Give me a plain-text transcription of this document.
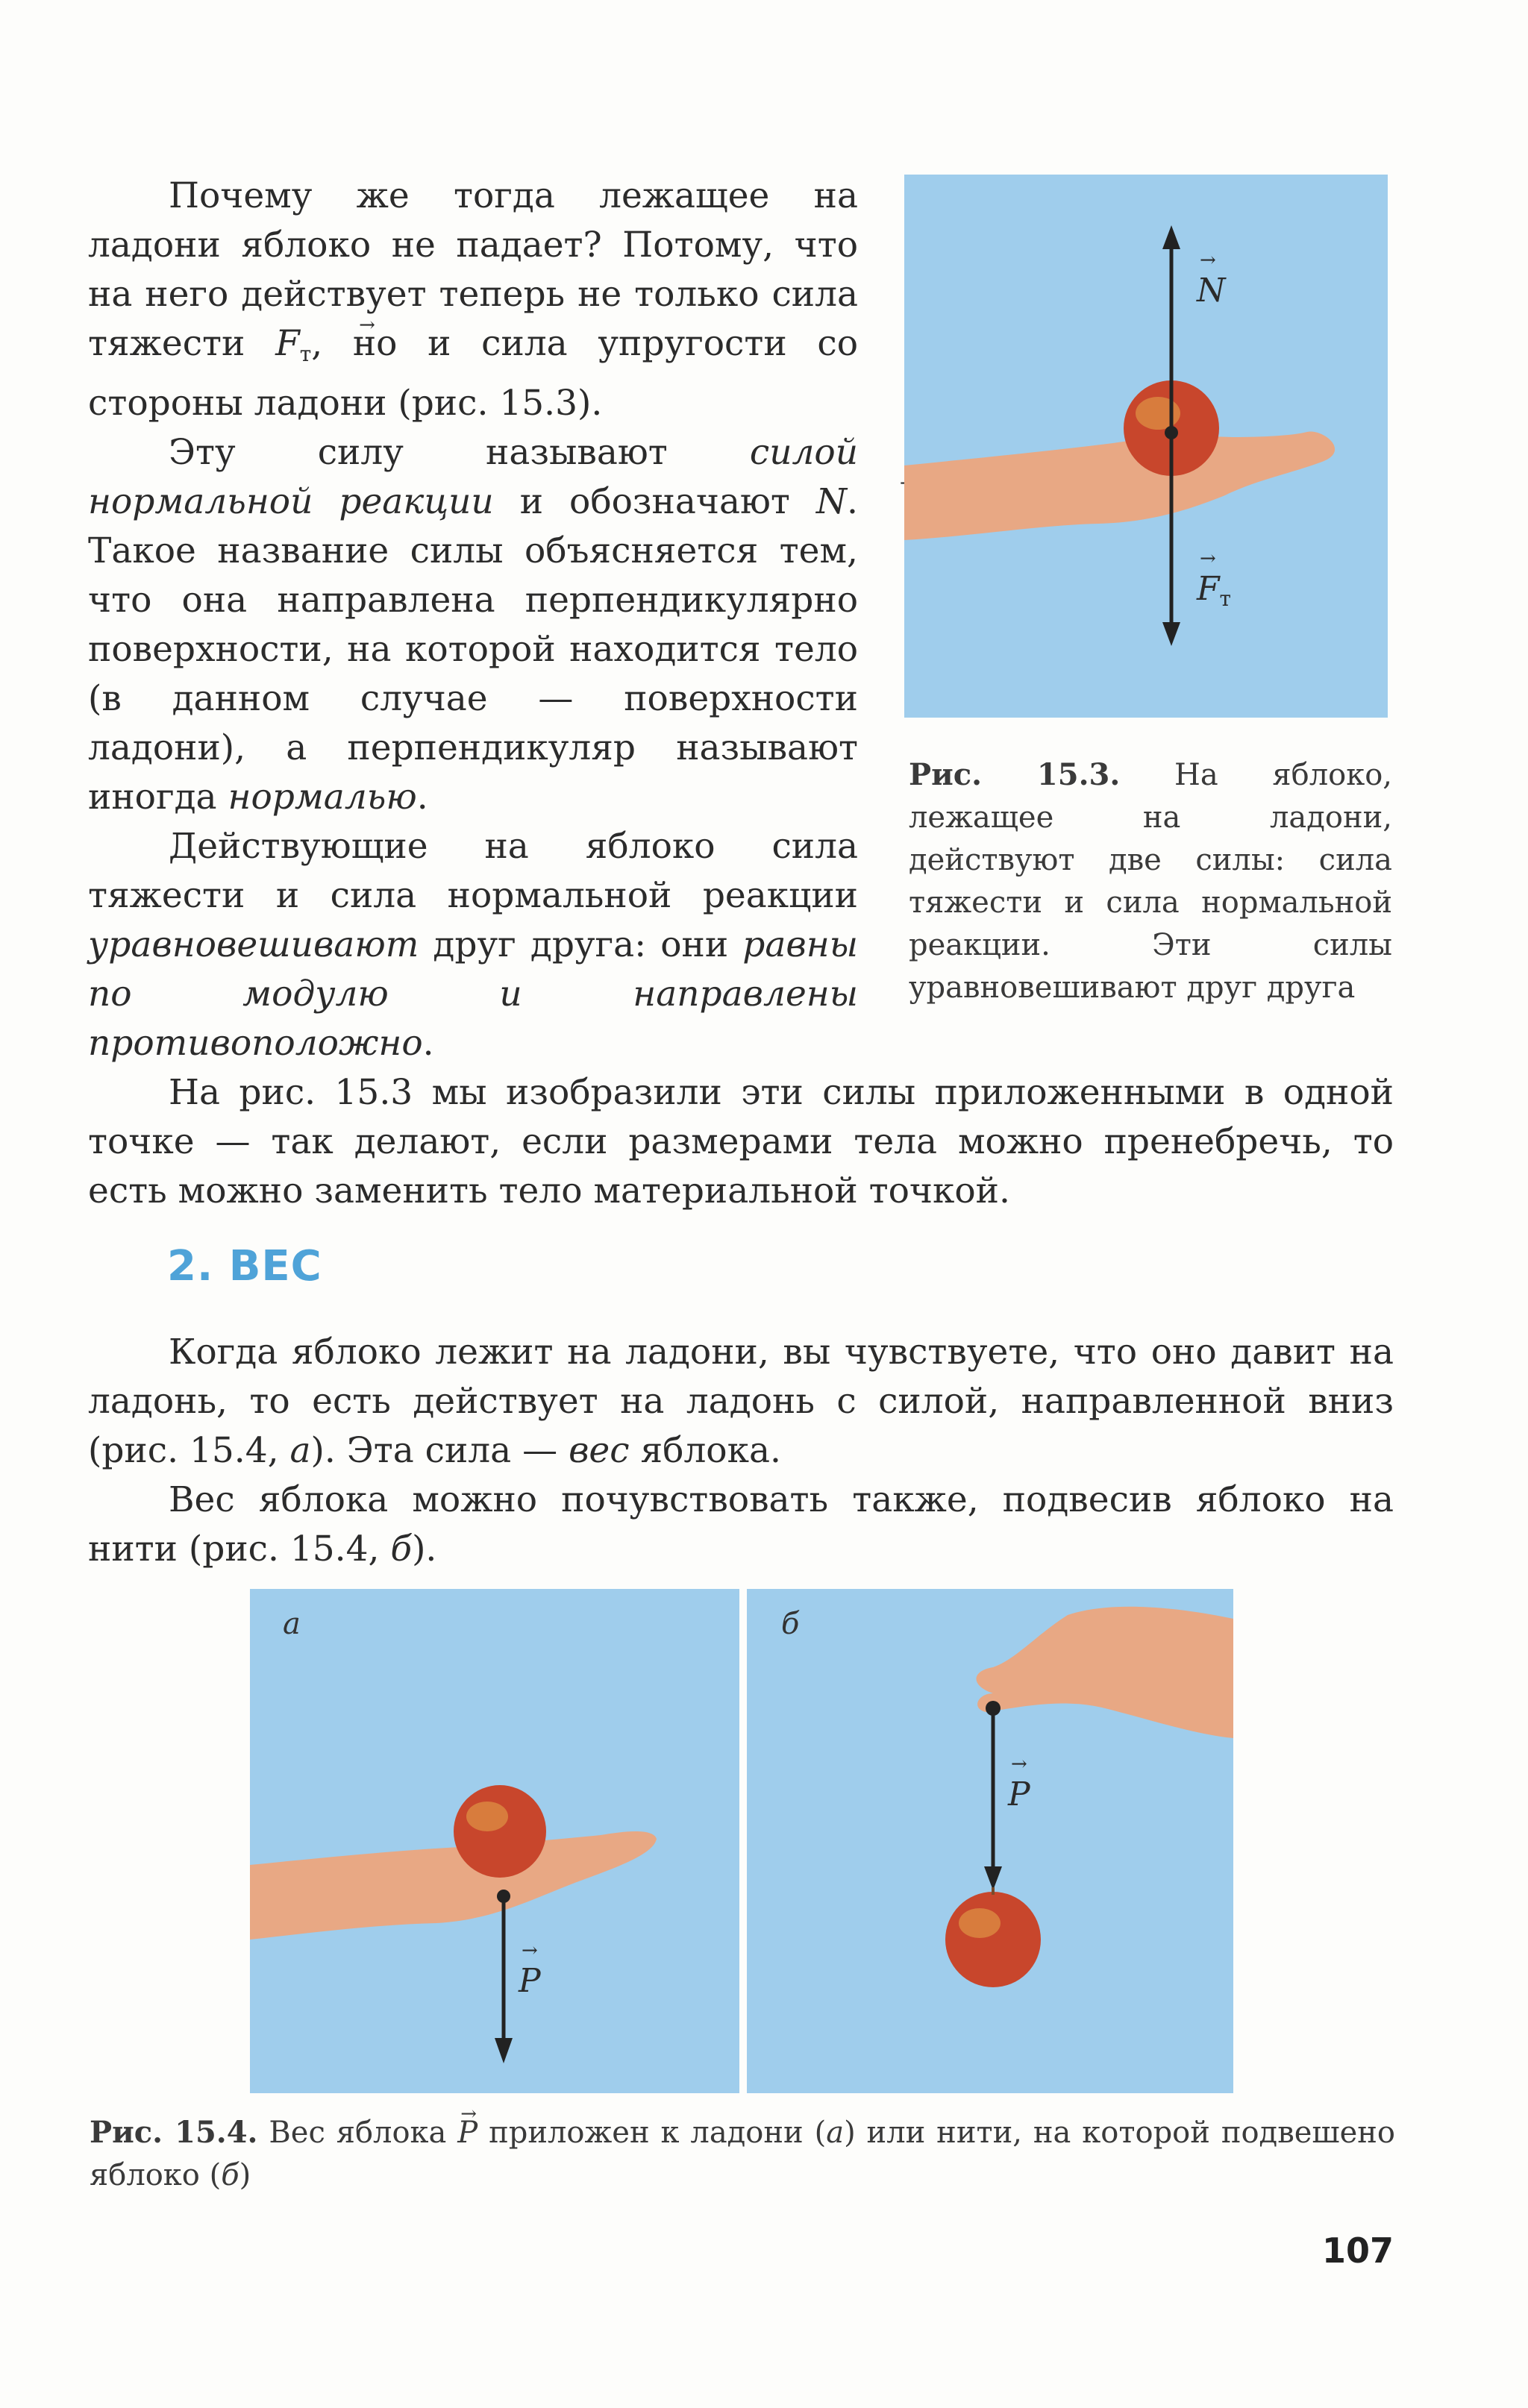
Почему же тогда лежащее на ладони яблоко не падает? Потому, что на него действует теперь не только сила тяжести → $F_т$, но и сила упругости со стороны ладони (рис. 15.3).

Эту силу называют силой нормальной реакции и обозначают → N. Такое название силы объясняется тем, что она направлена перпендикулярно поверхности, на которой находится тело (в данном случае — поверхности ладони), а перпендикуляр называют иногда нормалью.

Действующие на яблоко сила тяжести и сила нормальной реакции уравновешивают друг друга: они равны по модулю и направлены противоположно.

→ N
→ $F_т$
Рис. 15.3. На яблоко, лежащее на ладони, действуют две силы: сила тяжести и сила нормальной реакции. Эти силы уравновешивают друг друга

На рис. 15.3 мы изобразили эти силы приложенными в одной точке — так делают, если размерами тела можно пренебречь, то есть можно заменить тело материальной точкой.

2. ВЕС

Когда яблоко лежит на ладони, вы чувствуете, что оно давит на ладонь, то есть действует на ладонь с силой, направленной вниз (рис. 15.4, а). Эта сила — вес яблока.

Вес яблока можно почувствовать также, подвесив яблоко на нити (рис. 15.4, б).

а
→ P
б
→ P
Рис. 15.4. Вес яблока → P приложен к ладони (а) или нити, на которой подвешено яблоко (б)
107
